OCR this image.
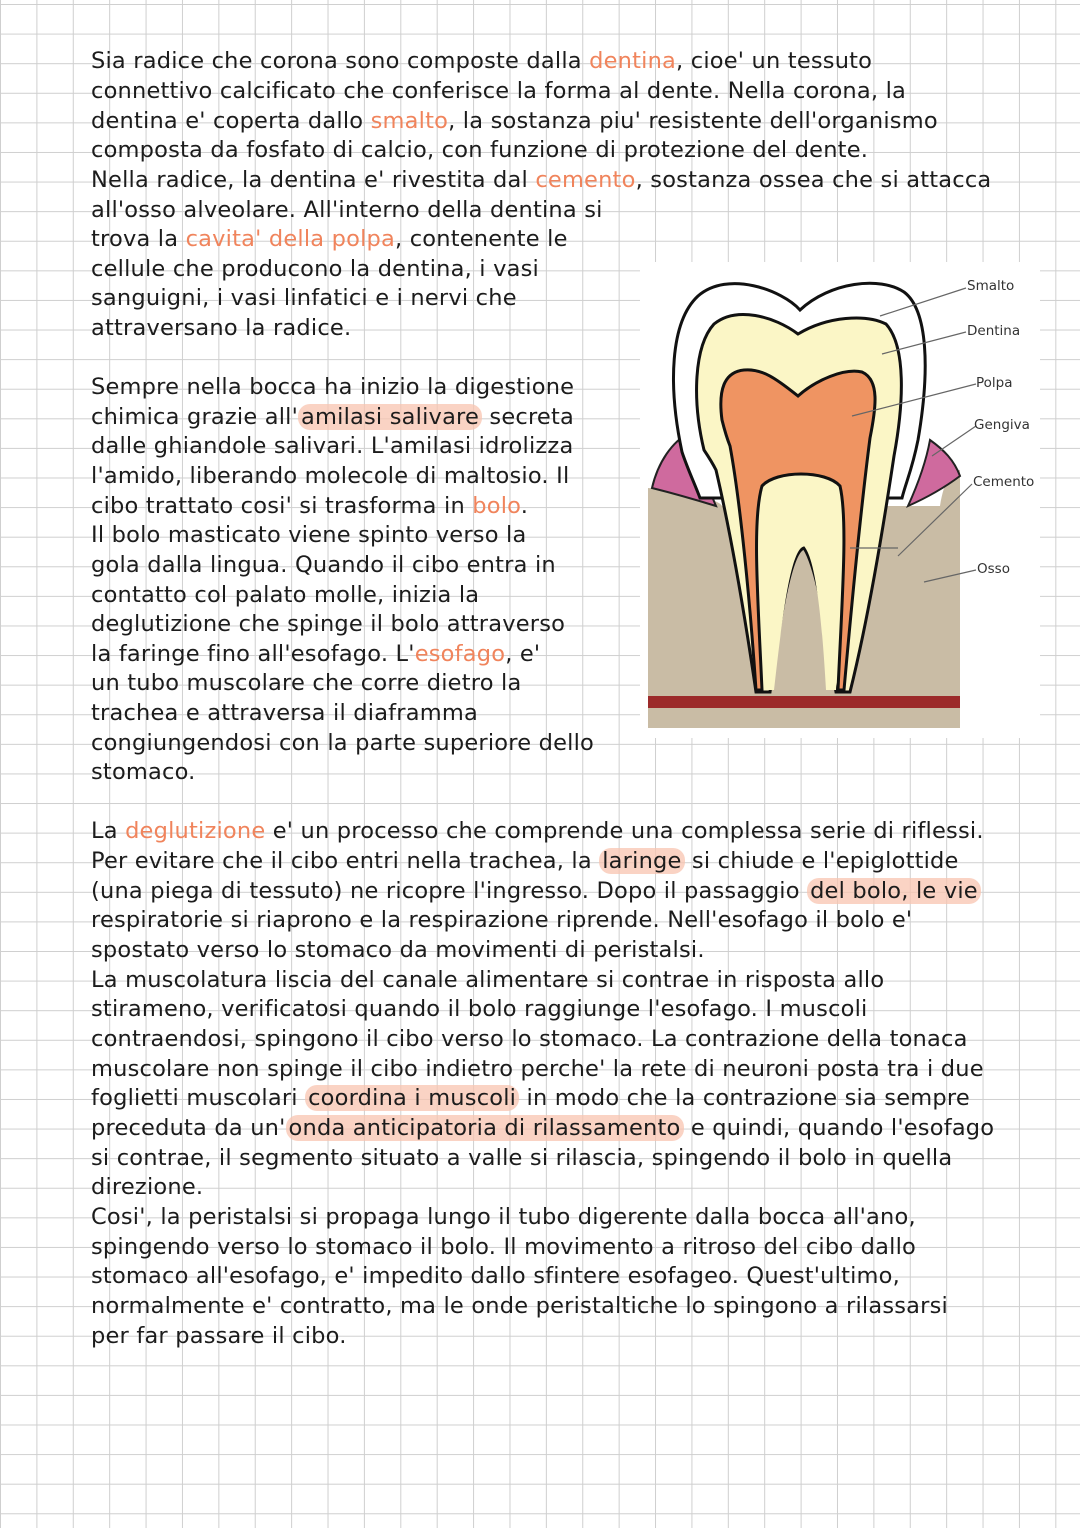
Sia radice che corona sono composte dalla dentina, cioe' un tessuto
connettivo calcificato che conferisce la forma al dente. Nella corona, la
dentina e' coperta dallo smalto, la sostanza piu' resistente dell'organismo
composta da fosfato di calcio, con funzione di protezione del dente.
Nella radice, la dentina e' rivestita dal cemento, sostanza ossea che si attacca
all'osso alveolare. All'interno della dentina si
trova la cavita' della polpa, contenente le
cellule che producono la dentina, i vasi
sanguigni, i vasi linfatici e i nervi che
attraversano la radice.
Sempre nella bocca ha inizio la digestione
chimica grazie all' amilasi salivare secreta
dalle ghiandole salivari. L'amilasi idrolizza
l'amido, liberando molecole di maltosio. Il
cibo trattato cosi' si trasforma in bolo.
Il bolo masticato viene spinto verso la
gola dalla lingua. Quando il cibo entra in
contatto col palato molle, inizia la
deglutizione che spinge il bolo attraverso
la faringe fino all'esofago. L'esofago, e'
un tubo muscolare che corre dietro la
trachea e attraversa il diaframma
congiungendosi con la parte superiore dello
stomaco.
La deglutizione e' un processo che comprende una complessa serie di riflessi.
Per evitare che il cibo entri nella trachea, la laringe si chiude e l'epiglottide
(una piega di tessuto) ne ricopre l'ingresso. Dopo il passaggio del bolo, le vie
respiratorie si riaprono e la respirazione riprende. Nell'esofago il bolo e'
spostato verso lo stomaco da movimenti di peristalsi.
La muscolatura liscia del canale alimentare si contrae in risposta allo
stirameno, verificatosi quando il bolo raggiunge l'esofago. I muscoli
contraendosi, spingono il cibo verso lo stomaco. La contrazione della tonaca
muscolare non spinge il cibo indietro perche' la rete di neuroni posta tra i due
foglietti muscolari coordina i muscoli in modo che la contrazione sia sempre
preceduta da un' onda anticipatoria di rilassamento e quindi, quando l'esofago
si contrae, il segmento situato a valle si rilascia, spingendo il bolo in quella
direzione.
Cosi', la peristalsi si propaga lungo il tubo digerente dalla bocca all'ano,
spingendo verso lo stomaco il bolo. Il movimento a ritroso del cibo dallo
stomaco all'esofago, e' impedito dallo sfintere esofageo. Quest'ultimo,
normalmente e' contratto, ma le onde peristaltiche lo spingono a rilassarsi
per far passare il cibo.
Smalto
Dentina
Polpa
Gengiva
Cemento
Osso
